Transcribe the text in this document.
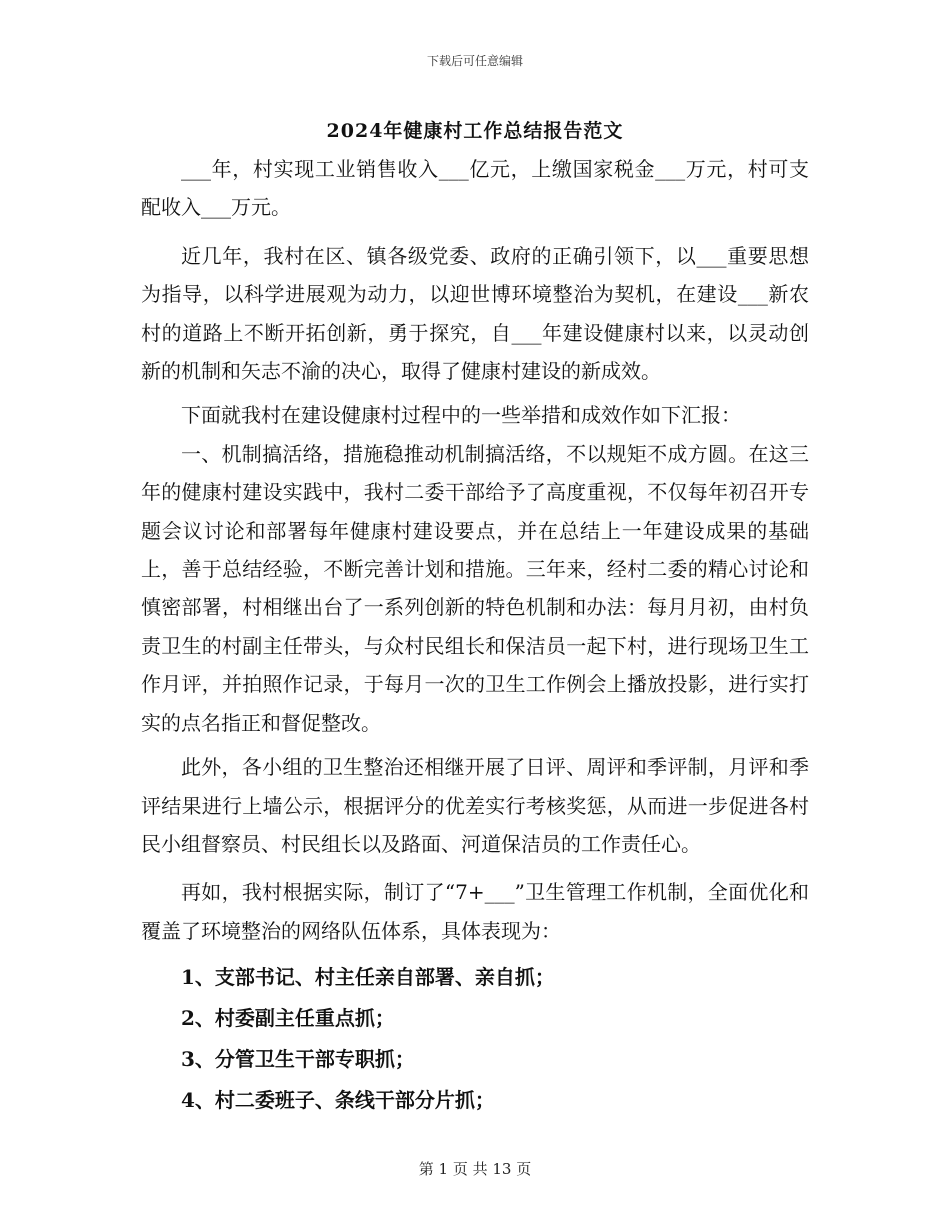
下载后可任意编辑
2024年健康村工作总结报告范文

___年，村实现工业销售收入___亿元，上缴国家税金___万元，村可支配收入___万元。

近几年，我村在区、镇各级党委、政府的正确引领下，以___重要思想为指导，以科学进展观为动力，以迎世博环境整治为契机，在建设___新农村的道路上不断开拓创新，勇于探究，自___年建设健康村以来，以灵动创新的机制和矢志不渝的决心，取得了健康村建设的新成效。

下面就我村在建设健康村过程中的一些举措和成效作如下汇报：

一、机制搞活络，措施稳推动机制搞活络，不以规矩不成方圆。在这三年的健康村建设实践中，我村二委干部给予了高度重视，不仅每年初召开专题会议讨论和部署每年健康村建设要点，并在总结上一年建设成果的基础上，善于总结经验，不断完善计划和措施。三年来，经村二委的精心讨论和慎密部署，村相继出台了一系列创新的特色机制和办法：每月月初，由村负责卫生的村副主任带头，与众村民组长和保洁员一起下村，进行现场卫生工作月评，并拍照作记录，于每月一次的卫生工作例会上播放投影，进行实打实的点名指正和督促整改。

此外，各小组的卫生整治还相继开展了日评、周评和季评制，月评和季评结果进行上墙公示，根据评分的优差实行考核奖惩，从而进一步促进各村民小组督察员、村民组长以及路面、河道保洁员的工作责任心。

再如，我村根据实际，制订了“7+___”卫生管理工作机制，全面优化和覆盖了环境整治的网络队伍体系，具体表现为：

1、支部书记、村主任亲自部署、亲自抓；

2、村委副主任重点抓；

3、分管卫生干部专职抓；

4、村二委班子、条线干部分片抓；

第 1 页 共 13 页
